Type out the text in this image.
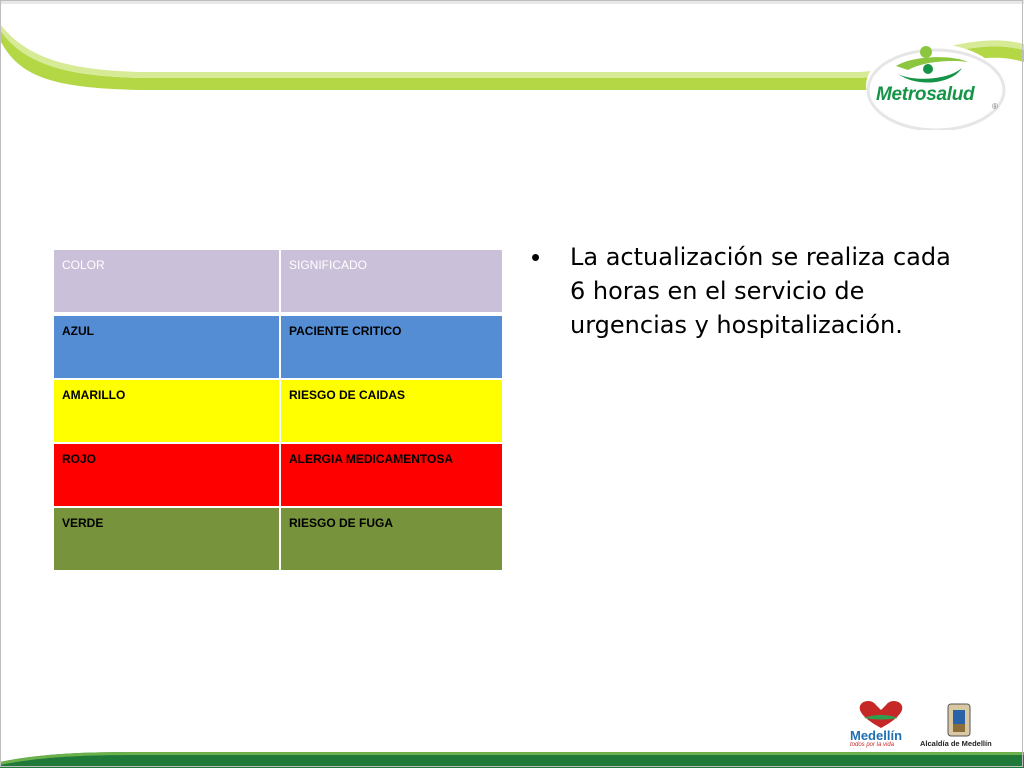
Metrosalud
®
COLOR	SIGNIFICADO
AZUL	PACIENTE CRITICO
AMARILLO	RIESGO DE CAIDAS
ROJO	ALERGIA MEDICAMENTOSA
VERDE	RIESGO DE FUGA
• La actualización se realiza cada 6 horas en el servicio de urgencias y hospitalización.
Medellín
todos por la vida	Alcaldía de Medellín
